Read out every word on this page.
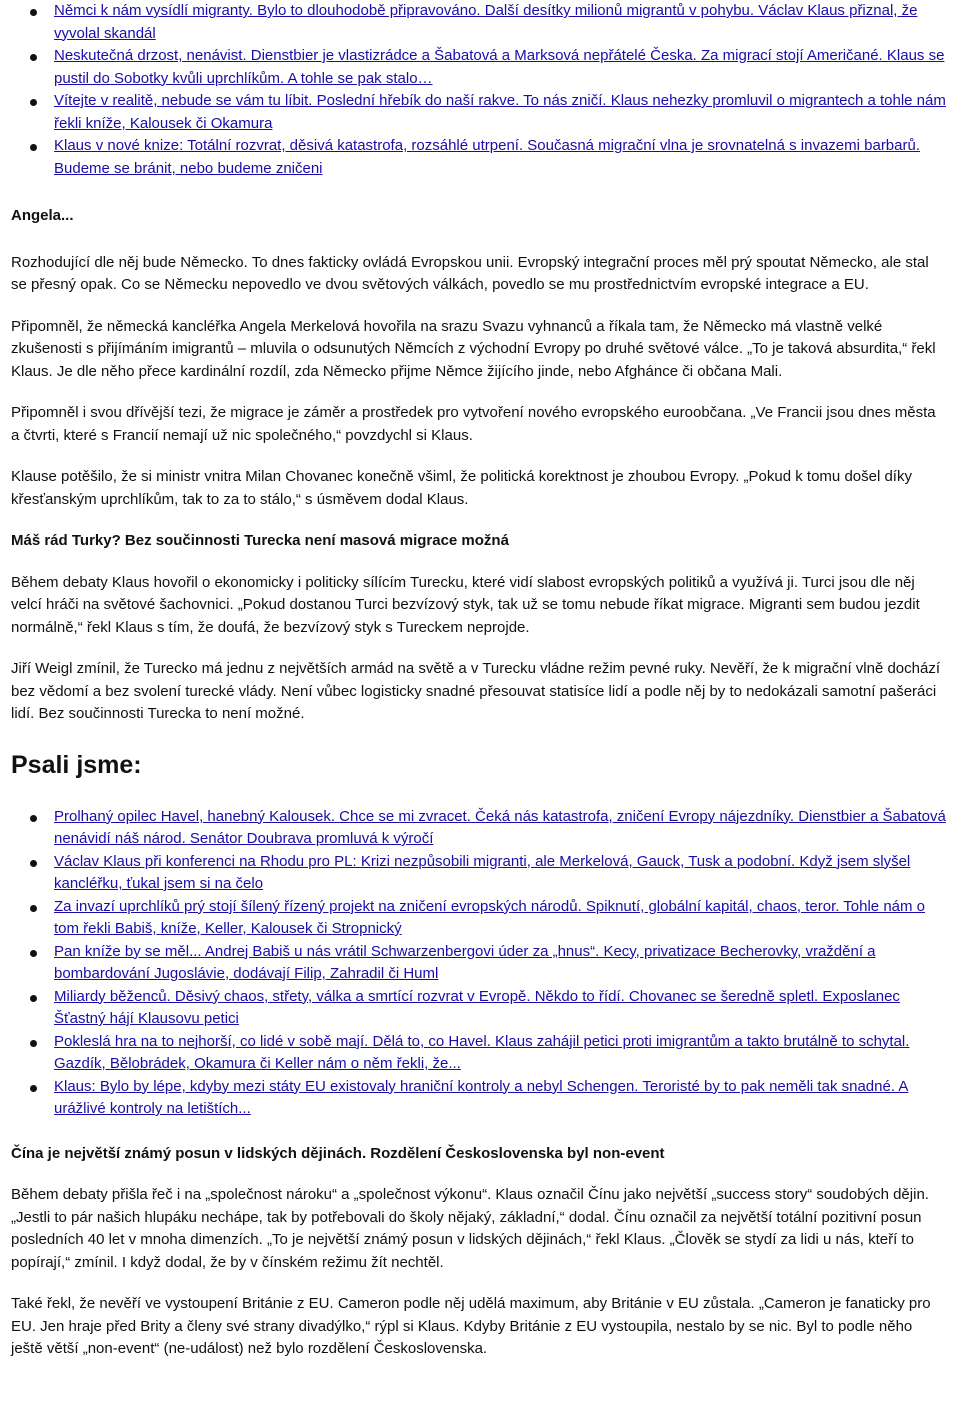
Němci k nám vysídlí migranty. Bylo to dlouhodobě připravováno. Další desítky milionů migrantů v pohybu. Václav Klaus přiznal, že vyvolal skandál
Neskutečná drzost, nenávist. Dienstbier je vlastizrádce a Šabatová a Marksová nepřátelé Česka. Za migrací stojí Američané. Klaus se pustil do Sobotky kvůli uprchlíkům. A tohle se pak stalo…
Vítejte v realitě, nebude se vám tu líbit. Poslední hřebík do naší rakve. To nás zničí. Klaus nehezky promluvil o migrantech a tohle nám řekli kníže, Kalousek či Okamura
Klaus v nové knize: Totální rozvrat, děsivá katastrofa, rozsáhlé utrpení. Současná migrační vlna je srovnatelná s invazemi barbarů. Budeme se bránit, nebo budeme zničeni
Angela...

Rozhodující dle něj bude Německo. To dnes fakticky ovládá Evropskou unii. Evropský integrační proces měl prý spoutat Německo, ale stal se přesný opak. Co se Německu nepovedlo ve dvou světových válkách, povedlo se mu prostřednictvím evropské integrace a EU.

Připomněl, že německá kancléřka Angela Merkelová hovořila na srazu Svazu vyhnanců a říkala tam, že Německo má vlastně velké zkušenosti s přijímáním imigrantů – mluvila o odsunutých Němcích z východní Evropy po druhé světové válce. „To je taková absurdita,“ řekl Klaus. Je dle něho přece kardinální rozdíl, zda Německo přijme Němce žijícího jinde, nebo Afghánce či občana Mali.

Připomněl i svou dřívější tezi, že migrace je záměr a prostředek pro vytvoření nového evropského euroobčana. „Ve Francii jsou dnes města a čtvrti, které s Francií nemají už nic společného,“ povzdychl si Klaus.

Klause potěšilo, že si ministr vnitra Milan Chovanec konečně všiml, že politická korektnost je zhoubou Evropy. „Pokud k tomu došel díky křesťanským uprchlíkům, tak to za to stálo,“ s úsměvem dodal Klaus.

Máš rád Turky? Bez součinnosti Turecka není masová migrace možná

Během debaty Klaus hovořil o ekonomicky i politicky sílícím Turecku, které vidí slabost evropských politiků a využívá ji. Turci jsou dle něj velcí hráči na světové šachovnici. „Pokud dostanou Turci bezvízový styk, tak už se tomu nebude říkat migrace. Migranti sem budou jezdit normálně,“ řekl Klaus s tím, že doufá, že bezvízový styk s Tureckem neprojde.

Jiří Weigl zmínil, že Turecko má jednu z největších armád na světě a v Turecku vládne režim pevné ruky. Nevěří, že k migrační vlně dochází bez vědomí a bez svolení turecké vlády. Není vůbec logisticky snadné přesouvat statisíce lidí a podle něj by to nedokázali samotní pašeráci lidí. Bez součinnosti Turecka to není možné.

Psali jsme:
Prolhaný opilec Havel, hanebný Kalousek. Chce se mi zvracet. Čeká nás katastrofa, zničení Evropy nájezdníky. Dienstbier a Šabatová nenávidí náš národ. Senátor Doubrava promluvá k výročí
Václav Klaus při konferenci na Rhodu pro PL: Krizi nezpůsobili migranti, ale Merkelová, Gauck, Tusk a podobní. Když jsem slyšel kancléřku, ťukal jsem si na čelo
Za invazí uprchlíků prý stojí šílený řízený projekt na zničení evropských národů. Spiknutí, globální kapitál, chaos, teror. Tohle nám o tom řekli Babiš, kníže, Keller, Kalousek či Stropnický
Pan kníže by se měl... Andrej Babiš u nás vrátil Schwarzenbergovi úder za „hnus“. Kecy, privatizace Becherovky, vraždění a bombardování Jugoslávie, dodávají Filip, Zahradil či Huml
Miliardy běženců. Děsivý chaos, střety, válka a smrtící rozvrat v Evropě. Někdo to řídí. Chovanec se šeredně spletl. Exposlanec Šťastný hájí Klausovu petici
Pokleslá hra na to nejhorší, co lidé v sobě mají. Dělá to, co Havel. Klaus zahájil petici proti imigrantům a takto brutálně to schytal. Gazdík, Bělobrádek, Okamura či Keller nám o něm řekli, že...
Klaus: Bylo by lépe, kdyby mezi státy EU existovaly hraniční kontroly a nebyl Schengen. Teroristé by to pak neměli tak snadné. A urážlivé kontroly na letištích...
Čína je největší známý posun v lidských dějinách. Rozdělení Československa byl non-event

Během debaty přišla řeč i na „společnost nároku“ a „společnost výkonu“. Klaus označil Čínu jako největší „success story“ soudobých dějin. „Jestli to pár našich hlupáku nechápe, tak by potřebovali do školy nějaký, základní,“ dodal. Čínu označil za největší totální pozitivní posun posledních 40 let v mnoha dimenzích. „To je největší známý posun v lidských dějinách,“ řekl Klaus. „Člověk se stydí za lidi u nás, kteří to popírají,“ zmínil. I když dodal, že by v čínském režimu žít nechtěl.

Také řekl, že nevěří ve vystoupení Británie z EU. Cameron podle něj udělá maximum, aby Británie v EU zůstala. „Cameron je fanaticky pro EU. Jen hraje před Brity a členy své strany divadýlko,“ rýpl si Klaus. Kdyby Británie z EU vystoupila, nestalo by se nic. Byl to podle něho ještě větší „non-event“ (ne-událost) než bylo rozdělení Československa.
